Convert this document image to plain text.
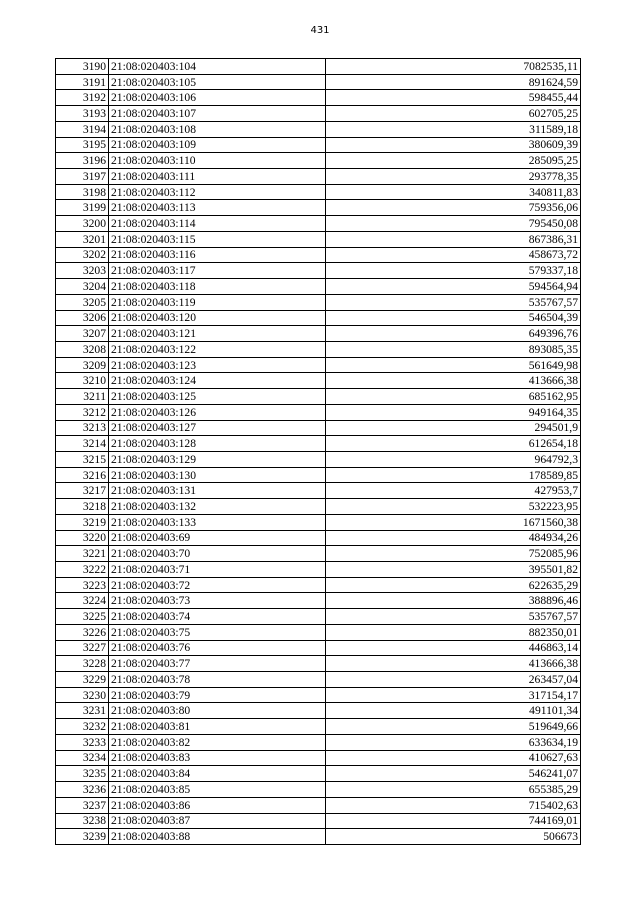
431
3190	21:08:020403:104	7082535,11
3191	21:08:020403:105	891624,59
3192	21:08:020403:106	598455,44
3193	21:08:020403:107	602705,25
3194	21:08:020403:108	311589,18
3195	21:08:020403:109	380609,39
3196	21:08:020403:110	285095,25
3197	21:08:020403:111	293778,35
3198	21:08:020403:112	340811,83
3199	21:08:020403:113	759356,06
3200	21:08:020403:114	795450,08
3201	21:08:020403:115	867386,31
3202	21:08:020403:116	458673,72
3203	21:08:020403:117	579337,18
3204	21:08:020403:118	594564,94
3205	21:08:020403:119	535767,57
3206	21:08:020403:120	546504,39
3207	21:08:020403:121	649396,76
3208	21:08:020403:122	893085,35
3209	21:08:020403:123	561649,98
3210	21:08:020403:124	413666,38
3211	21:08:020403:125	685162,95
3212	21:08:020403:126	949164,35
3213	21:08:020403:127	294501,9
3214	21:08:020403:128	612654,18
3215	21:08:020403:129	964792,3
3216	21:08:020403:130	178589,85
3217	21:08:020403:131	427953,7
3218	21:08:020403:132	532223,95
3219	21:08:020403:133	1671560,38
3220	21:08:020403:69	484934,26
3221	21:08:020403:70	752085,96
3222	21:08:020403:71	395501,82
3223	21:08:020403:72	622635,29
3224	21:08:020403:73	388896,46
3225	21:08:020403:74	535767,57
3226	21:08:020403:75	882350,01
3227	21:08:020403:76	446863,14
3228	21:08:020403:77	413666,38
3229	21:08:020403:78	263457,04
3230	21:08:020403:79	317154,17
3231	21:08:020403:80	491101,34
3232	21:08:020403:81	519649,66
3233	21:08:020403:82	633634,19
3234	21:08:020403:83	410627,63
3235	21:08:020403:84	546241,07
3236	21:08:020403:85	655385,29
3237	21:08:020403:86	715402,63
3238	21:08:020403:87	744169,01
3239	21:08:020403:88	506673
